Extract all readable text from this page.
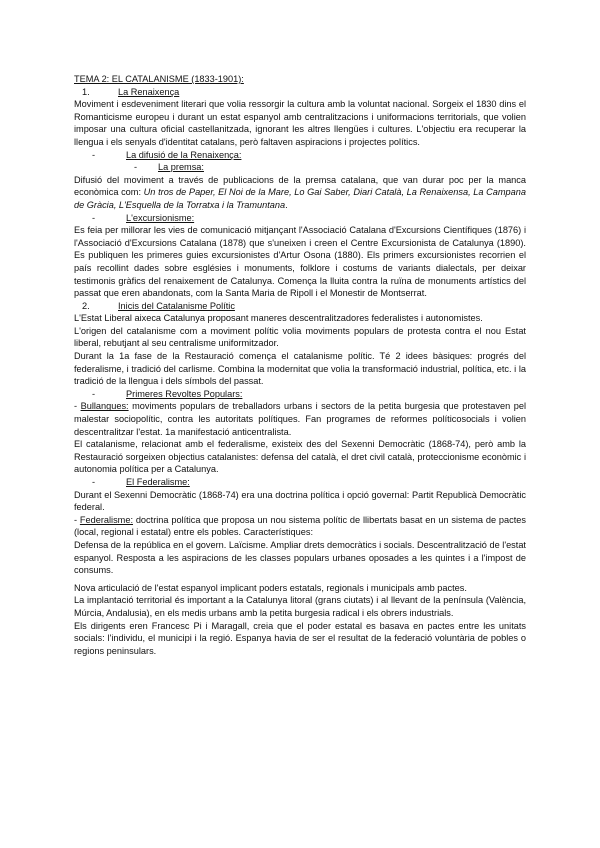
TEMA 2: EL CATALANISME (1833-1901):

1.	La Renaixença

Moviment i esdeveniment literari que volia ressorgir la cultura amb la voluntat nacional. Sorgeix el 1830 dins el Romanticisme europeu i durant un estat espanyol amb centralitzacions i uniformacions territorials, que volien imposar una cultura oficial castellanitzada, ignorant les altres llengües i cultures. L'objectiu era recuperar la llengua i els senyals d'identitat catalans, però faltaven aspiracions i projectes polítics.

-	La difusió de la Renaixença:
-	La premsa:

Difusió del moviment a través de publicacions de la premsa catalana, que van durar poc per la manca econòmica com: Un tros de Paper, El Noi de la Mare, Lo Gai Saber, Diari Català, La Renaixensa, La Campana de Gràcia, L'Esquella de la Torratxa i la Tramuntana.

-	L'excursionisme:

Es feia per millorar les vies de comunicació mitjançant l'Associació Catalana d'Excursions Científiques (1876) i l'Associació d'Excursions Catalana (1878) que s'uneixen i creen el Centre Excursionista de Catalunya (1890). Es publiquen les primeres guies excursionistes d'Artur Osona (1880). Els primers excursionistes recorrien el país recollint dades sobre esglésies i monuments, folklore i costums de variants dialectals, per deixar testimonis gràfics del renaixement de Catalunya. Comença la lluita contra la ruïna de monuments artístics del passat que eren abandonats, com la Santa Maria de Ripoll i el Monestir de Montserrat.

2.	Inicis del Catalanisme Polític

L'Estat Liberal aixeca Catalunya proposant maneres descentralitzadores federalistes i autonomistes.

L'origen del catalanisme com a moviment polític volia moviments populars de protesta contra el nou Estat liberal, rebutjant al seu centralisme uniformitzador.

Durant la 1a fase de la Restauració comença el catalanisme polític. Té 2 idees bàsiques: progrés del federalisme, i tradició del carlisme. Combina la modernitat que volia la transformació industrial, política, etc. i la tradició de la llengua i dels símbols del passat.

-	Primeres Revoltes Populars:

- Bullangues: moviments populars de treballadors urbans i sectors de la petita burgesia que protestaven pel malestar sociopolític, contra les autoritats polítiques. Fan programes de reformes políticosocials i volien descentralitzar l'estat. 1a manifestació anticentralista.

El catalanisme, relacionat amb el federalisme, existeix des del Sexenni Democràtic (1868-74), però amb la Restauració sorgeixen objectius catalanistes: defensa del català, el dret civil català, proteccionisme econòmic i autonomia política per a Catalunya.

-	El Federalisme:

Durant el Sexenni Democràtic (1868-74) era una doctrina política i opció governal: Partit Republicà Democràtic federal.

- Federalisme: doctrina política que proposa un nou sistema polític de llibertats basat en un sistema de pactes (local, regional i estatal) entre els pobles. Característiques:

Defensa de la república en el govern. Laïcisme. Ampliar drets democràtics i socials. Descentralització de l'estat espanyol. Resposta a les aspiracions de les classes populars urbanes oposades a les quintes i a l'impost de consums.

Nova articulació de l'estat espanyol implicant poders estatals, regionals i municipals amb pactes.

La implantació territorial és important a la Catalunya litoral (grans ciutats) i al llevant de la península (València, Múrcia, Andalusia), en els medis urbans amb la petita burgesia radical i els obrers industrials.

Els dirigents eren Francesc Pi i Maragall, creia que el poder estatal es basava en pactes entre les unitats socials: l'individu, el municipi i la regió. Espanya havia de ser el resultat de la federació voluntària de pobles o regions peninsulars.
